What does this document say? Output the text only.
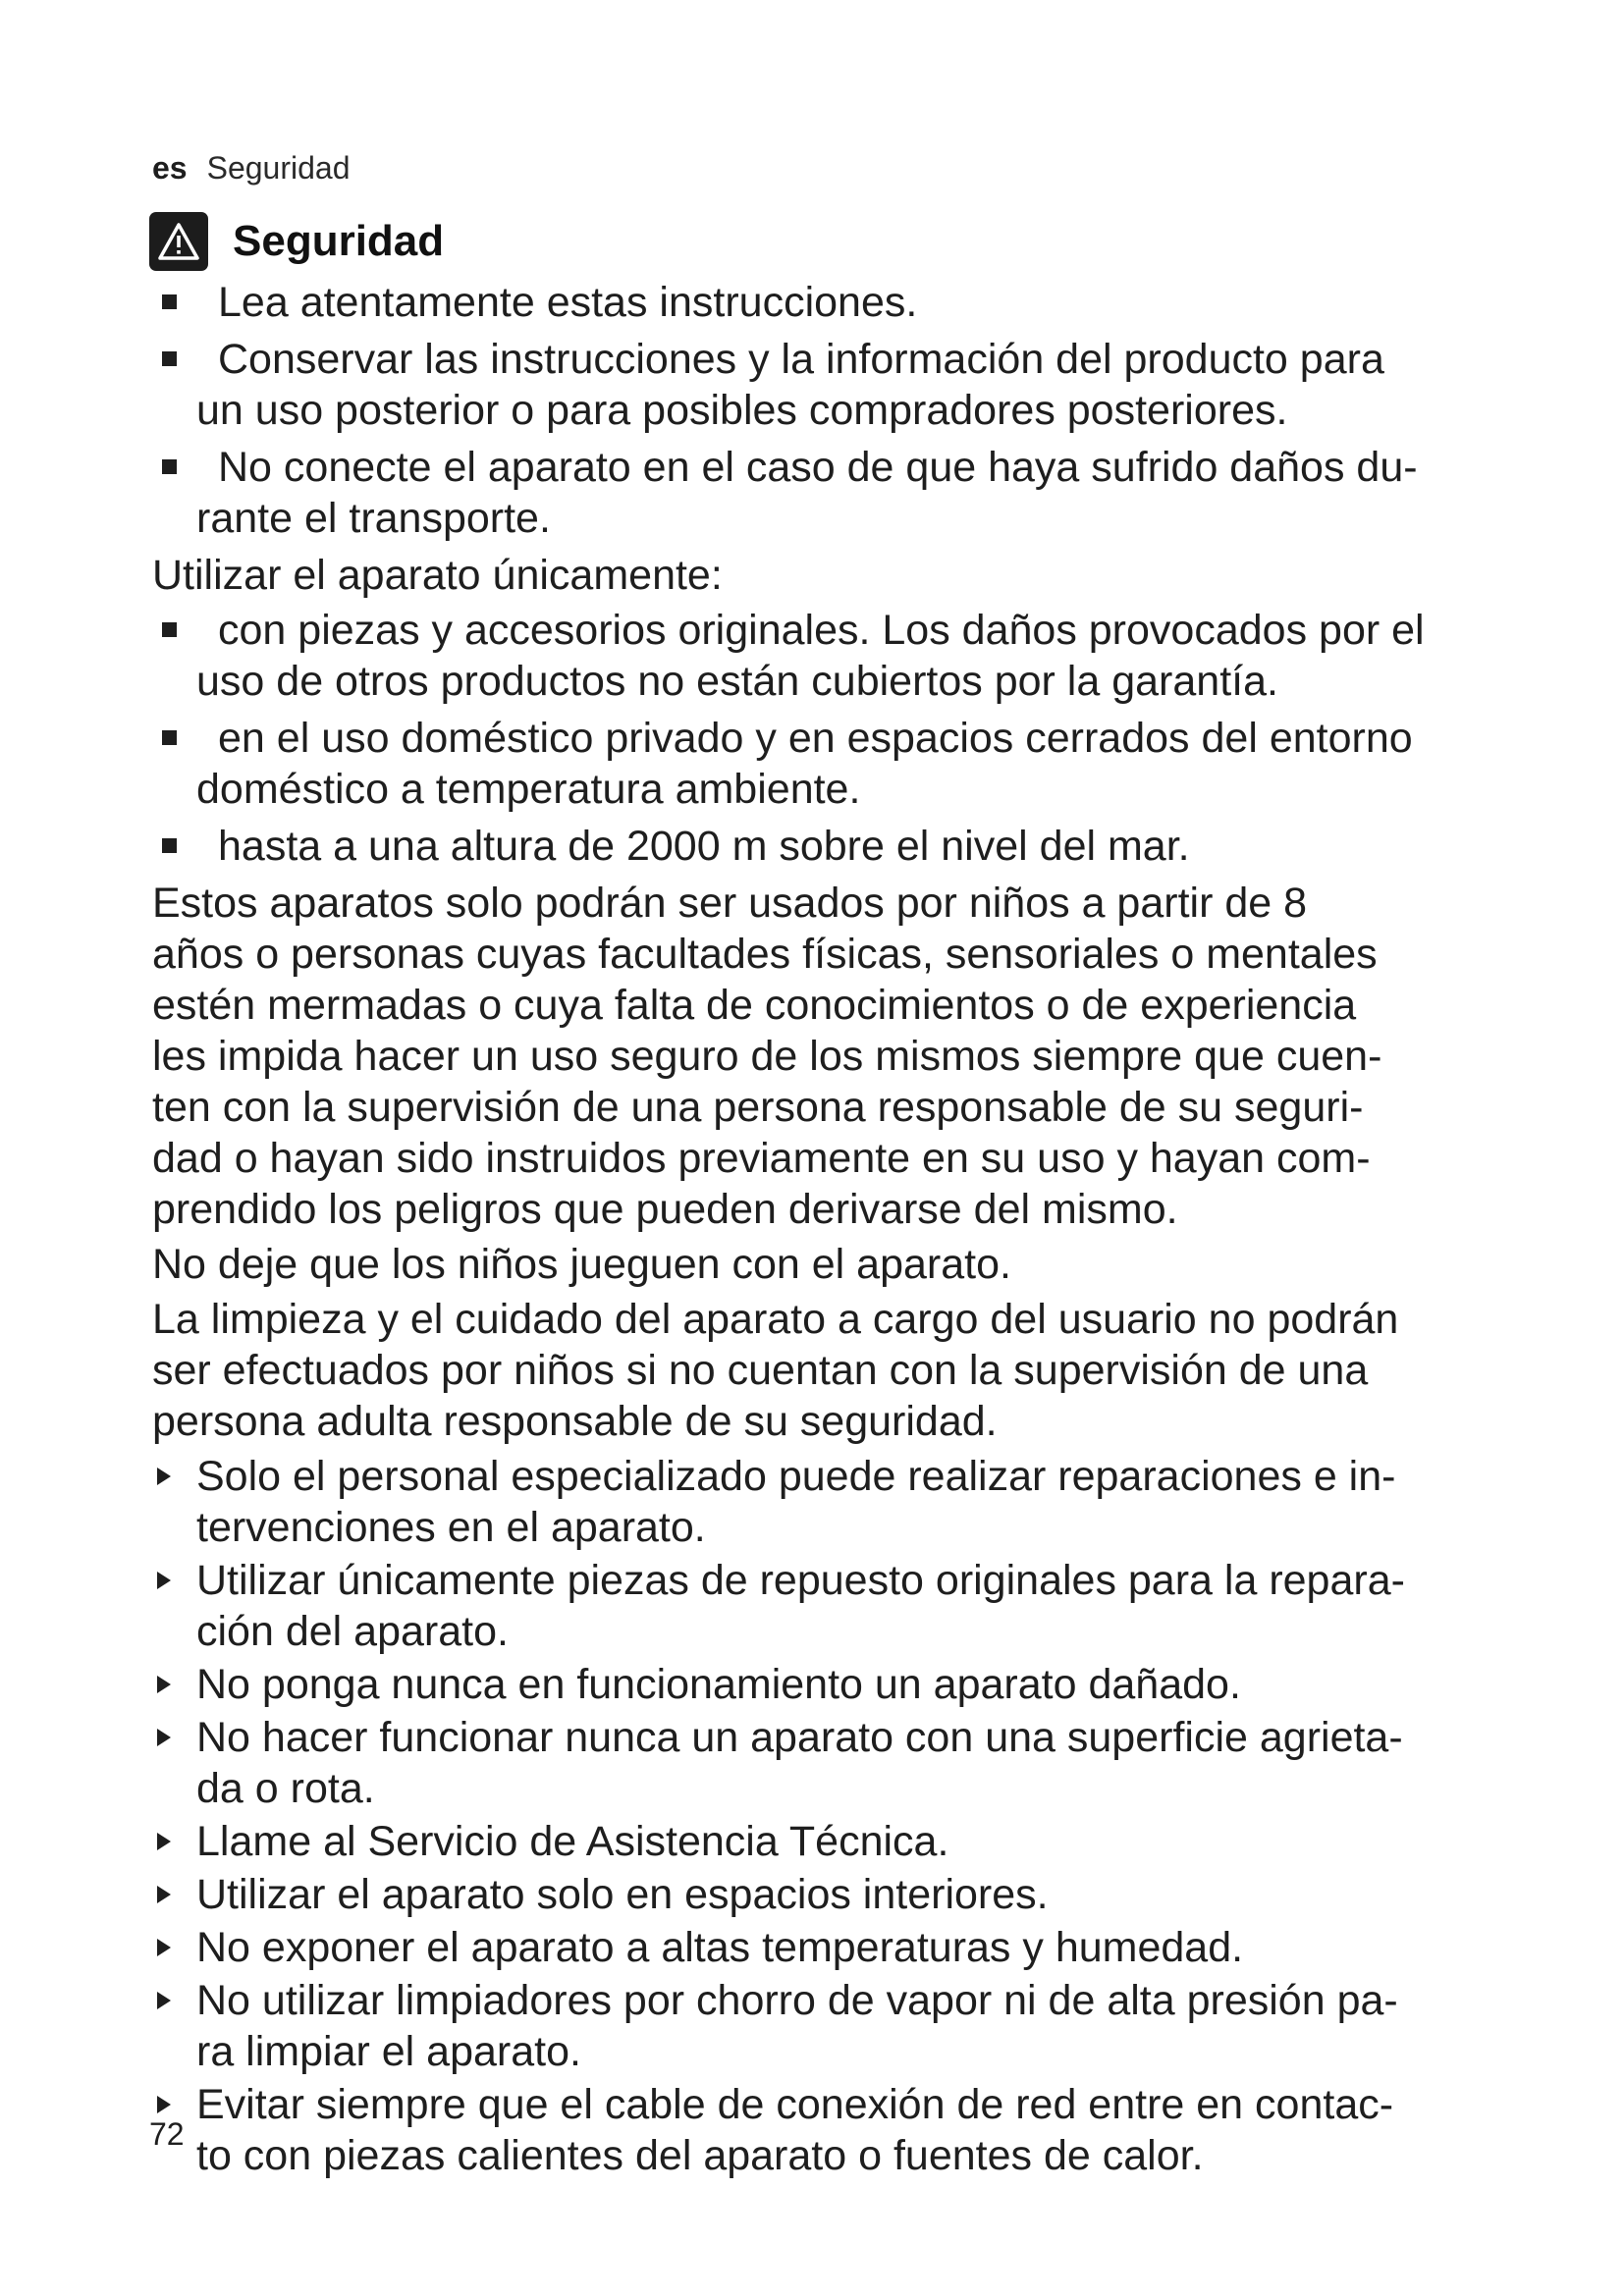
es Seguridad
Seguridad
Lea atentamente estas instrucciones.
Conservar las instrucciones y la información del producto para
un uso posterior o para posibles compradores posteriores.
No conecte el aparato en el caso de que haya sufrido daños du-
rante el transporte.
Utilizar el aparato únicamente:
con piezas y accesorios originales. Los daños provocados por el
uso de otros productos no están cubiertos por la garantía.
en el uso doméstico privado y en espacios cerrados del entorno
doméstico a temperatura ambiente.
hasta a una altura de 2000 m sobre el nivel del mar.
Estos aparatos solo podrán ser usados por niños a partir de 8
años o personas cuyas facultades físicas, sensoriales o mentales
estén mermadas o cuya falta de conocimientos o de experiencia
les impida hacer un uso seguro de los mismos siempre que cuen-
ten con la supervisión de una persona responsable de su seguri-
dad o hayan sido instruidos previamente en su uso y hayan com-
prendido los peligros que pueden derivarse del mismo.
No deje que los niños jueguen con el aparato.
La limpieza y el cuidado del aparato a cargo del usuario no podrán
ser efectuados por niños si no cuentan con la supervisión de una
persona adulta responsable de su seguridad.
Solo el personal especializado puede realizar reparaciones e in-
tervenciones en el aparato.
Utilizar únicamente piezas de repuesto originales para la repara-
ción del aparato.
No ponga nunca en funcionamiento un aparato dañado.
No hacer funcionar nunca un aparato con una superficie agrieta-
da o rota.
Llame al Servicio de Asistencia Técnica.
Utilizar el aparato solo en espacios interiores.
No exponer el aparato a altas temperaturas y humedad.
No utilizar limpiadores por chorro de vapor ni de alta presión pa-
ra limpiar el aparato.
Evitar siempre que el cable de conexión de red entre en contac-
to con piezas calientes del aparato o fuentes de calor.
72
